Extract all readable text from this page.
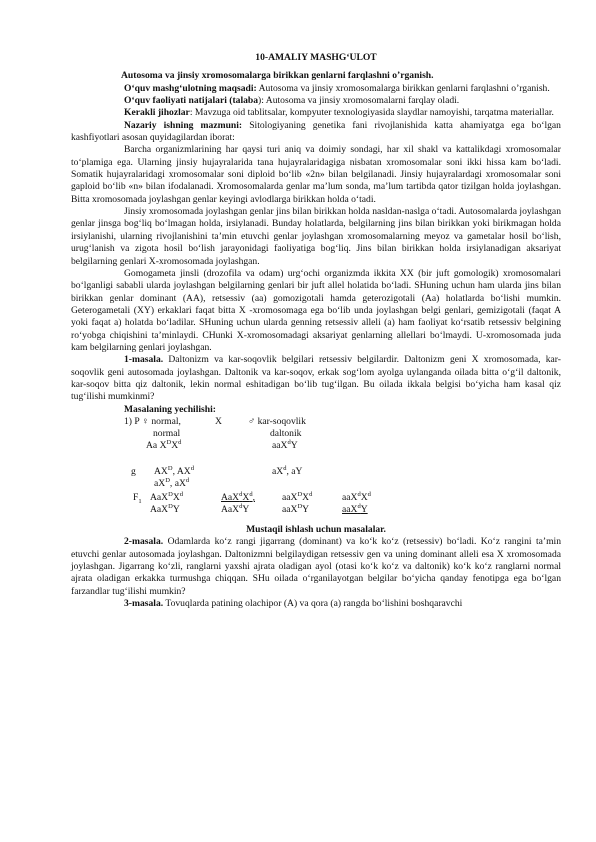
10-AMALIY MASHG‘ULOT

Autosoma va jinsiy xromosomalarga birikkan genlarni farqlashni o’rganish.

O‘quv mashg‘ulotning maqsadi: Autosoma va jinsiy xromosomalarga birikkan genlarni farqlashni o’rganish.

O‘quv faoliyati natijalari (talaba): Autosoma va jinsiy xromosomalarni farqlay oladi.

Kerakli jihozlar: Mavzuga oid tablitsalar, kompyuter texnologiyasida slaydlar namoyishi, tarqatma materiallar.

Nazariy ishning mazmuni: Sitologiyaning genetika fani rivojlanishida katta ahamiyatga ega bo‘lgan kashfiyotlari asosan quyidagilardan iborat:

Barcha organizmlarining har qaysi turi aniq va doimiy sondagi, har xil shakl va kattalikdagi xromosomalar to‘plamiga ega. Ularning jinsiy hujayralarida tana hujayralaridagiga nisbatan xromosomalar soni ikki hissa kam bo‘ladi. Somatik hujayralaridagi xromosomalar soni diploid bo‘lib «2n» bilan belgilanadi. Jinsiy hujayralardagi xromosomalar soni gaploid bo‘lib «n» bilan ifodalanadi. Xromosomalarda genlar ma’lum sonda, ma’lum tartibda qator tizilgan holda joylashgan. Bitta xromosomada joylashgan genlar keyingi avlodlarga birikkan holda o‘tadi.

Jinsiy xromosomada joylashgan genlar jins bilan birikkan holda nasldan-naslga o‘tadi. Autosomalarda joylashgan genlar jinsga bog‘liq bo‘lmagan holda, irsiylanadi. Bunday holatlarda, belgilarning jins bilan birikkan yoki birikmagan holda irsiylanishi, ularning rivojlanishini ta’min etuvchi genlar joylashgan xromosomalarning meyoz va gametalar hosil bo‘lish, urug‘lanish va zigota hosil bo‘lish jarayonidagi faoliyatiga bog‘liq. Jins bilan birikkan holda irsiylanadigan aksariyat belgilarning genlari X-xromosomada joylashgan.

Gomogameta jinsli (drozofila va odam) urg‘ochi organizmda ikkita XX (bir juft gomologik) xromosomalari bo‘lganligi sababli ularda joylashgan belgilarning genlari bir juft allel holatida bo‘ladi. SHuning uchun ham ularda jins bilan birikkan genlar dominant (AA), retsessiv (aa) gomozigotali hamda geterozigotali (Aa) holatlarda bo‘lishi mumkin. Geterogametali (XY) erkaklari faqat bitta X -xromosomaga ega bo‘lib unda joylashgan belgi genlari, gemizigotali (faqat A yoki faqat a) holatda bo‘ladilar. SHuning uchun ularda genning retsessiv alleli (a) ham faoliyat ko‘rsatib retsessiv belgining ro‘yobga chiqishini ta’minlaydi. CHunki X-xromosomadagi aksariyat genlarning allellari bo‘lmaydi. U-xromosomada juda kam belgilarning genlari joylashgan.

1-masala. Daltonizm va kar-soqovlik belgilari retsessiv belgilardir. Daltonizm geni X xromosomada, kar-soqovlik geni autosomada joylashgan. Daltonik va kar-soqov, erkak sog‘lom ayolga uylanganda oilada bitta o‘g‘il daltonik, kar-soqov bitta qiz daltonik, lekin normal eshitadigan bo‘lib tug‘ilgan. Bu oilada ikkala belgisi bo‘yicha ham kasal qiz tug‘ilishi mumkinmi?

Masalaning yechilishi:

1) P ♀ normal,	X	♂ kar-soqovlik
normal	daltonik
Aa $X^DX^d$	aaX$^d$Y
g $AX^D$, $AX^d$	$aX^d$, aY
$aX^D$, $aX^d$
$F_1$ $AaX^DX^d$	$AaX^dX^d$,	$aaX^DX^d$	$aaX^dX^d$
AaX$^D$Y	AaX$^d$Y	aaX$^D$Y	aaX$^d$Y

Mustaqil ishlash uchun masalalar.

2-masala. Odamlarda ko‘z rangi jigarrang (dominant) va ko‘k ko‘z (retsessiv) bo‘ladi. Ko‘z rangini ta’min etuvchi genlar autosomada joylashgan. Daltonizmni belgilaydigan retsessiv gen va uning dominant alleli esa X xromosomada joylashgan. Jigarrang ko‘zli, ranglarni yaxshi ajrata oladigan ayol (otasi ko‘k ko‘z va daltonik) ko‘k ko‘z ranglarni normal ajrata oladigan erkakka turmushga chiqqan. SHu oilada o‘rganilayotgan belgilar bo‘yicha qanday fenotipga ega bo‘lgan farzandlar tug‘ilishi mumkin?

3-masala. Tovuqlarda patining olachipor (A) va qora (a) rangda bo‘lishini boshqaravchi
